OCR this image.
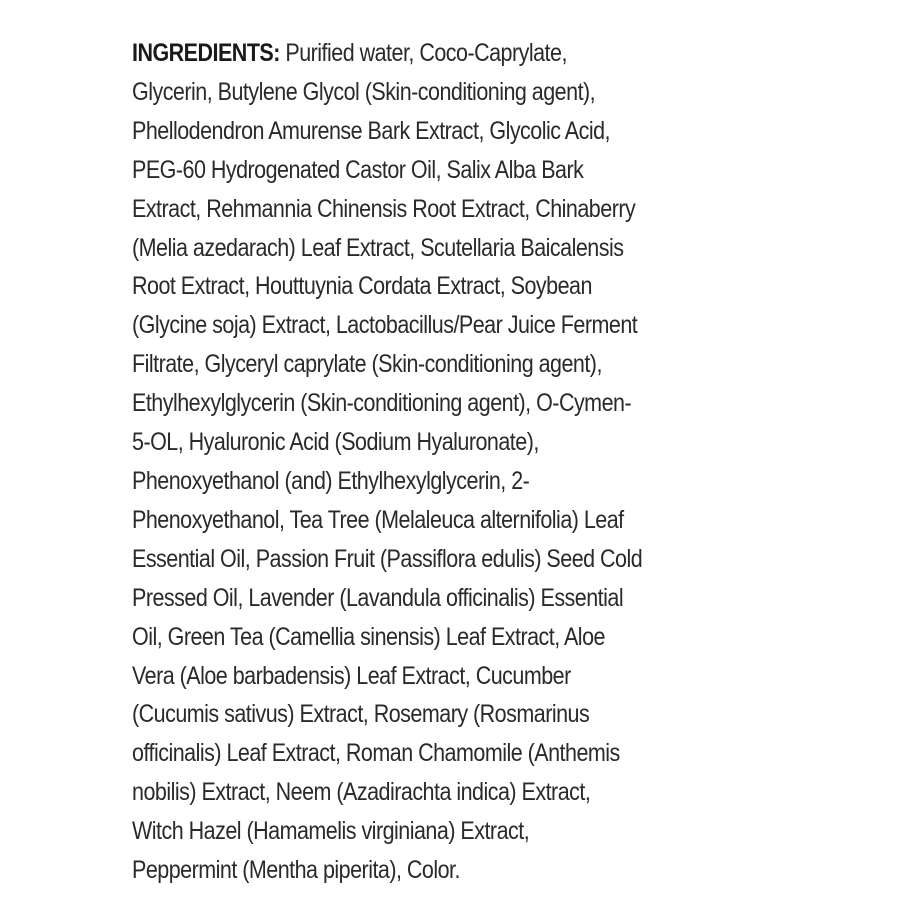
INGREDIENTS: Purified water, Coco-Caprylate,
Glycerin, Butylene Glycol (Skin-conditioning agent),
Phellodendron Amurense Bark Extract, Glycolic Acid,
PEG-60 Hydrogenated Castor Oil, Salix Alba Bark
Extract, Rehmannia Chinensis Root Extract, Chinaberry
(Melia azedarach) Leaf Extract, Scutellaria Baicalensis
Root Extract, Houttuynia Cordata Extract, Soybean
(Glycine soja) Extract, Lactobacillus/Pear Juice Ferment
Filtrate, Glyceryl caprylate (Skin-conditioning agent),
Ethylhexylglycerin (Skin-conditioning agent), O-Cymen-
5-OL, Hyaluronic Acid (Sodium Hyaluronate),
Phenoxyethanol (and) Ethylhexylglycerin, 2-
Phenoxyethanol, Tea Tree (Melaleuca alternifolia) Leaf
Essential Oil, Passion Fruit (Passiflora edulis) Seed Cold
Pressed Oil, Lavender (Lavandula officinalis) Essential
Oil, Green Tea (Camellia sinensis) Leaf Extract, Aloe
Vera (Aloe barbadensis) Leaf Extract, Cucumber
(Cucumis sativus) Extract, Rosemary (Rosmarinus
officinalis) Leaf Extract, Roman Chamomile (Anthemis
nobilis) Extract, Neem (Azadirachta indica) Extract,
Witch Hazel (Hamamelis virginiana) Extract,
Peppermint (Mentha piperita), Color.
